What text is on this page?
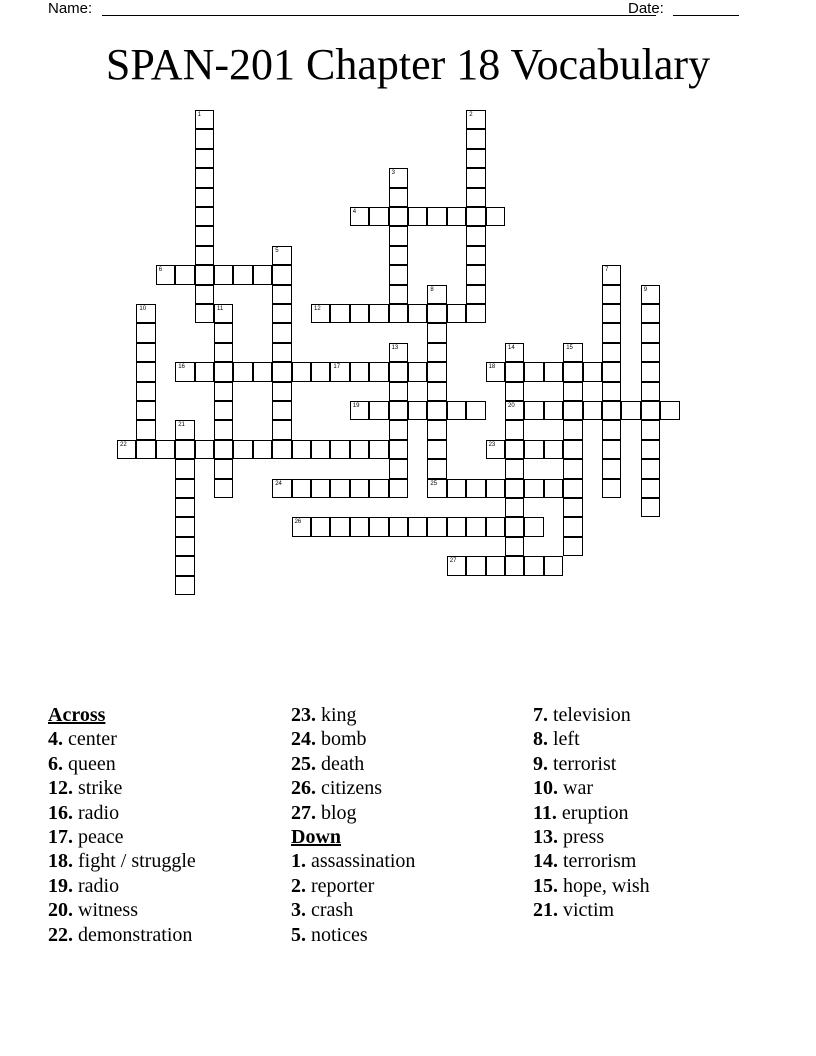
Name:	Date:
SPAN-201 Chapter 18 Vocabulary
1	2
3
4
5
6	7
8	9
10	11	12
13	14
20
15
16	17	18
19
21
22	23
24	25
26
27
Across
4. center
6. queen
12. strike
16. radio
17. peace
18. fight / struggle
19. radio
20. witness
22. demonstration
23. king
24. bomb
25. death
26. citizens
27. blog
Down
1. assassination
2. reporter
3. crash
5. notices
7. television
8. left
9. terrorist
10. war
11. eruption
13. press
14. terrorism
15. hope, wish
21. victim
